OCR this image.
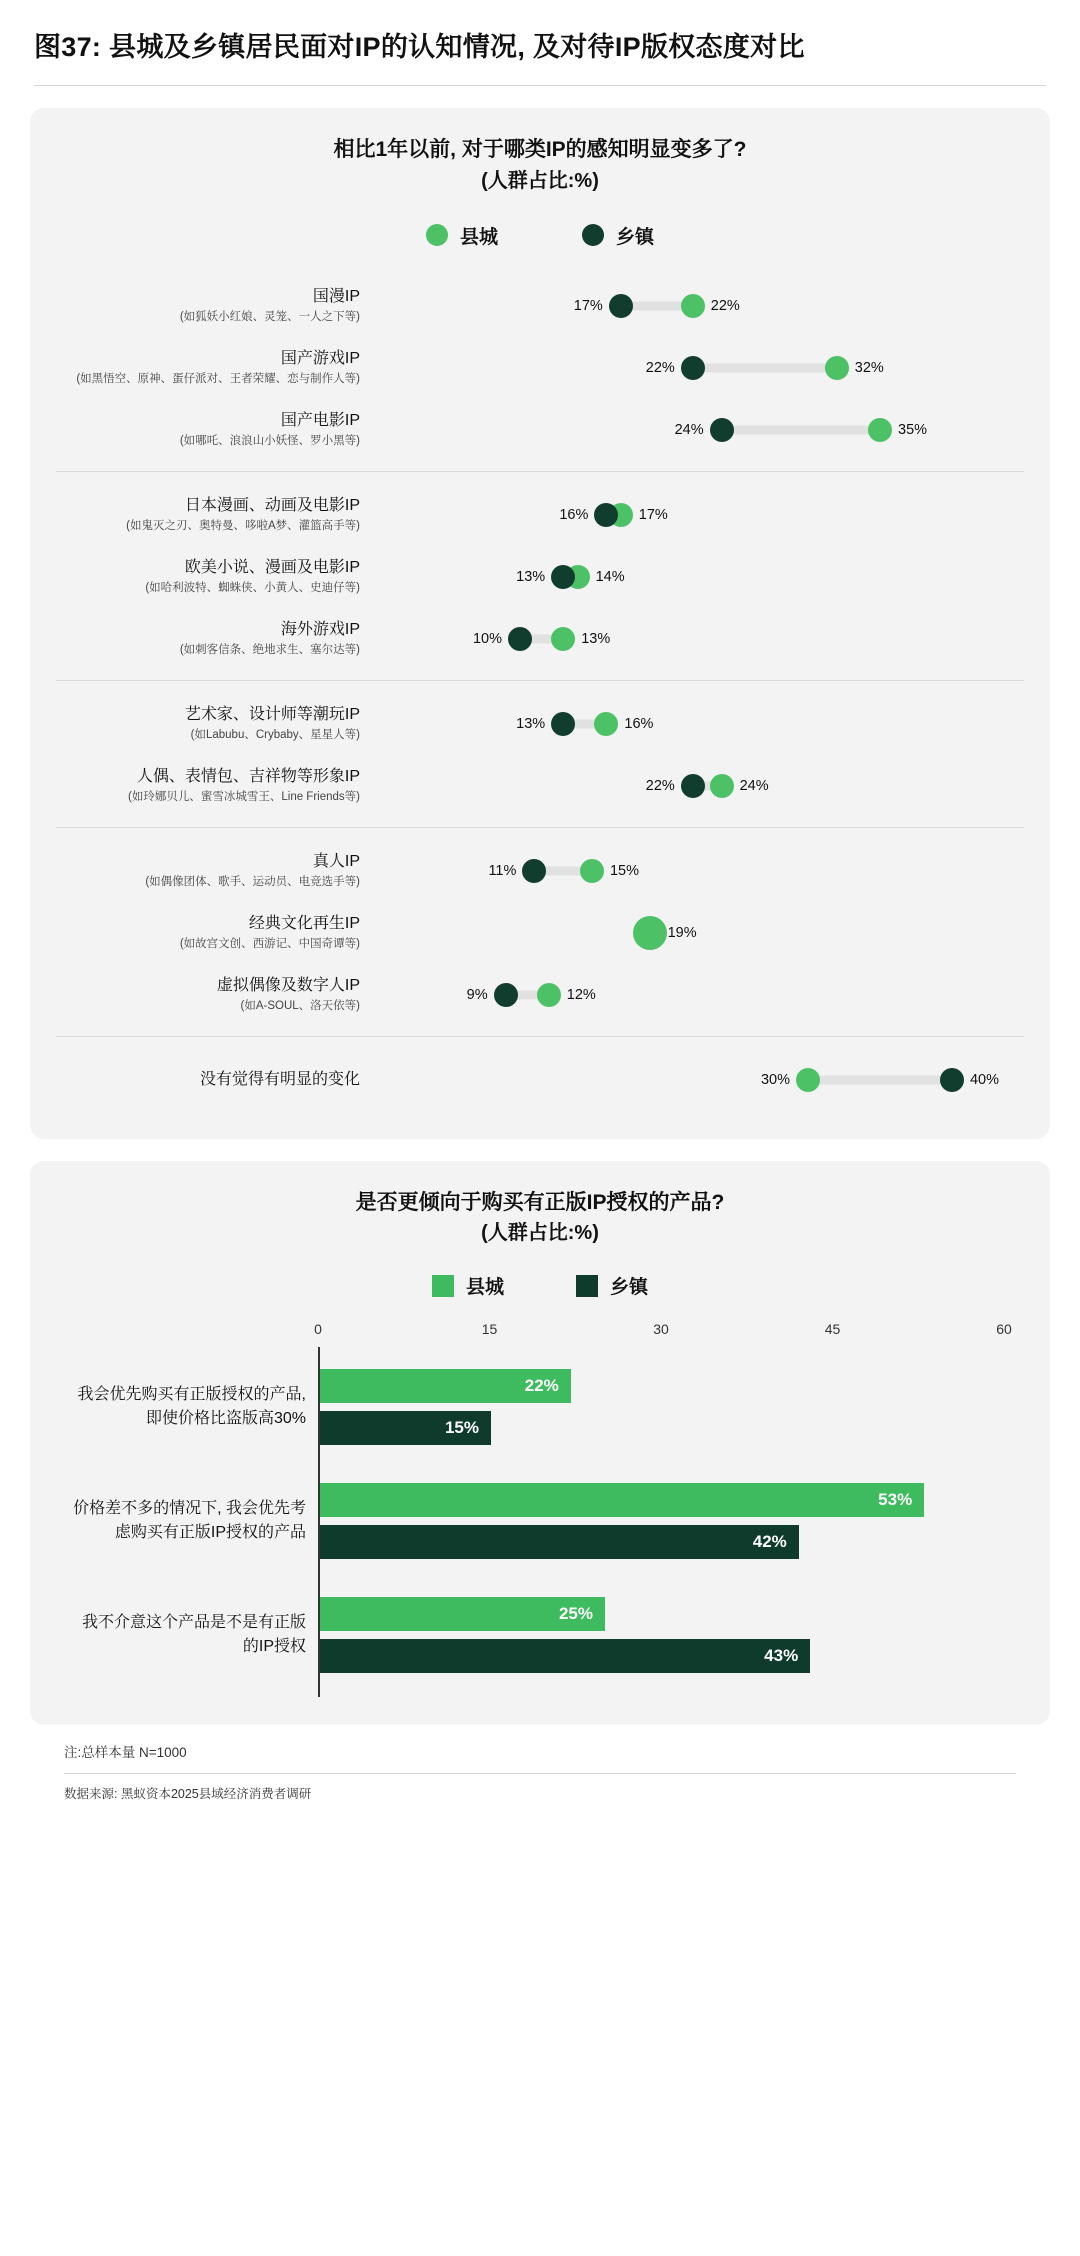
图37: 县城及乡镇居民面对IP的认知情况, 及对待IP版权态度对比
相比1年以前, 对于哪类IP的感知明显变多了?
(人群占比:%)
县城	乡镇
国漫IP
(如狐妖小红娘、灵笼、一人之下等)
17%	22%
国产游戏IP
(如黑悟空、原神、蛋仔派对、王者荣耀、恋与制作人等)
22%	32%
国产电影IP
(如哪吒、浪浪山小妖怪、罗小黑等)
24%	35%
日本漫画、动画及电影IP
(如鬼灭之刃、奥特曼、哆啦A梦、灌篮高手等)
16%	17%
欧美小说、漫画及电影IP
(如哈利波特、蜘蛛侠、小黄人、史迪仔等)
13%	14%
海外游戏IP
(如刺客信条、绝地求生、塞尔达等)
10%	13%
艺术家、设计师等潮玩IP
(如Labubu、Crybaby、星星人等)
13%	16%
人偶、表情包、吉祥物等形象IP
(如玲娜贝儿、蜜雪冰城雪王、Line Friends等)
22%	24%
真人IP
(如偶像团体、歌手、运动员、电竞选手等)
11%	15%
经典文化再生IP
(如故宫文创、西游记、中国奇谭等)
19%
虚拟偶像及数字人IP
(如A-SOUL、洛天依等)
9%	12%
没有觉得有明显的变化	30%	40%
是否更倾向于购买有正版IP授权的产品?
(人群占比:%)
县城	乡镇
0	15	30	45	60
我会优先购买有正版授权的产品, 即使价格比盗版高30%
22%
15%
价格差不多的情况下, 我会优先考虑购买有正版IP授权的产品
53%
42%
我不介意这个产品是不是有正版的IP授权
25%
43%
注:总样本量 N=1000
数据来源: 黑蚁资本2025县域经济消费者调研
